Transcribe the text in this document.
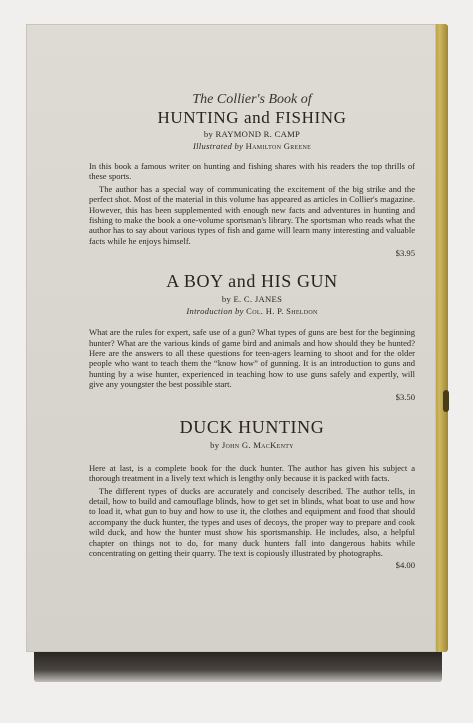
The Collier's Book of

HUNTING and FISHING

by RAYMOND R. CAMP

Illustrated by Hamilton Greene

In this book a famous writer on hunting and fishing shares with his readers the top thrills of these sports.

The author has a special way of communicating the excitement of the big strike and the perfect shot. Most of the material in this volume has appeared as articles in Collier's magazine. However, this has been supplemented with enough new facts and adventures in hunting and fishing to make the book a one-volume sportsman's library. The sportsman who reads what the author has to say about various types of fish and game will learn many interesting and valuable facts while he enjoys himself.

$3.95

A BOY and HIS GUN

by E. C. JANES

Introduction by Col. H. P. Sheldon

What are the rules for expert, safe use of a gun? What types of guns are best for the beginning hunter? What are the various kinds of game bird and animals and how should they be hunted? Here are the answers to all these questions for teen-agers learning to shoot and for the older people who want to teach them the “know how” of gunning. It is an introduction to guns and hunting by a wise hunter, experienced in teaching how to use guns safely and expertly, will give any youngster the best possible start.

$3.50

DUCK HUNTING

by John G. MacKenty

Here at last, is a complete book for the duck hunter. The author has given his subject a thorough treatment in a lively text which is lengthy only because it is packed with facts.

The different types of ducks are accurately and concisely described. The author tells, in detail, how to build and camouflage blinds, how to get set in blinds, what boat to use and how to load it, what gun to buy and how to use it, the clothes and equipment and food that should accompany the duck hunter, the types and uses of decoys, the proper way to prepare and cook wild duck, and how the hunter must show his sportsmanship. He includes, also, a helpful chapter on things not to do, for many duck hunters fall into dangerous habits while concentrating on getting their quarry. The text is copiously illustrated by photographs.

$4.00
